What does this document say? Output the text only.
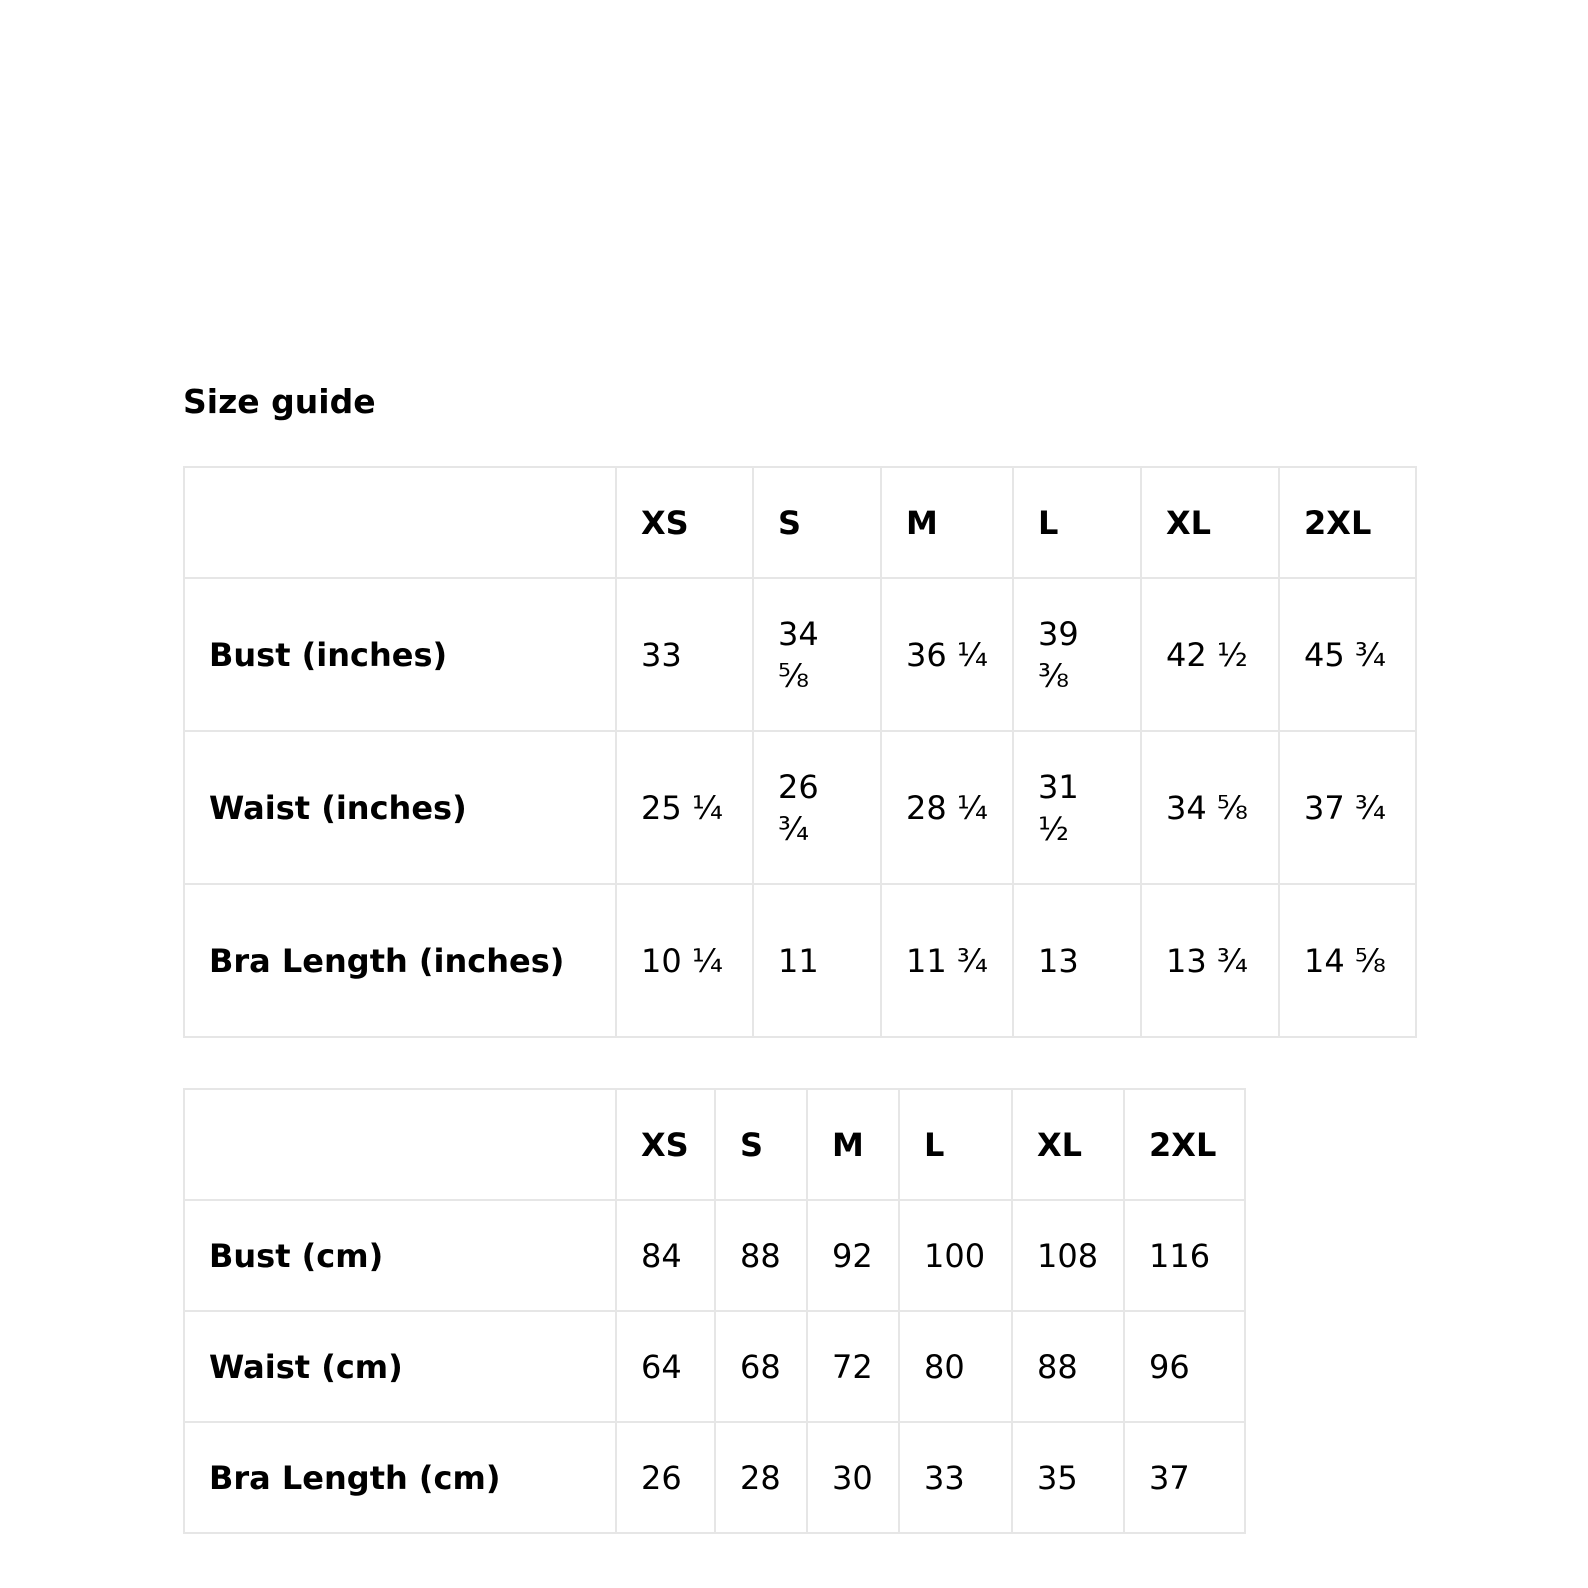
Size guide
	XS	S	M	L	XL	2XL
Bust (inches)	33	34 ⅝	36 ¼	39 ⅜	42 ½	45 ¾
Waist (inches)	25 ¼	26 ¾	28 ¼	31 ½	34 ⅝	37 ¾
Bra Length (inches)	10 ¼	11	11 ¾	13	13 ¾	14 ⅝
	XS	S	M	L	XL	2XL
Bust (cm)	84	88	92	100	108	116
Waist (cm)	64	68	72	80	88	96
Bra Length (cm)	26	28	30	33	35	37
